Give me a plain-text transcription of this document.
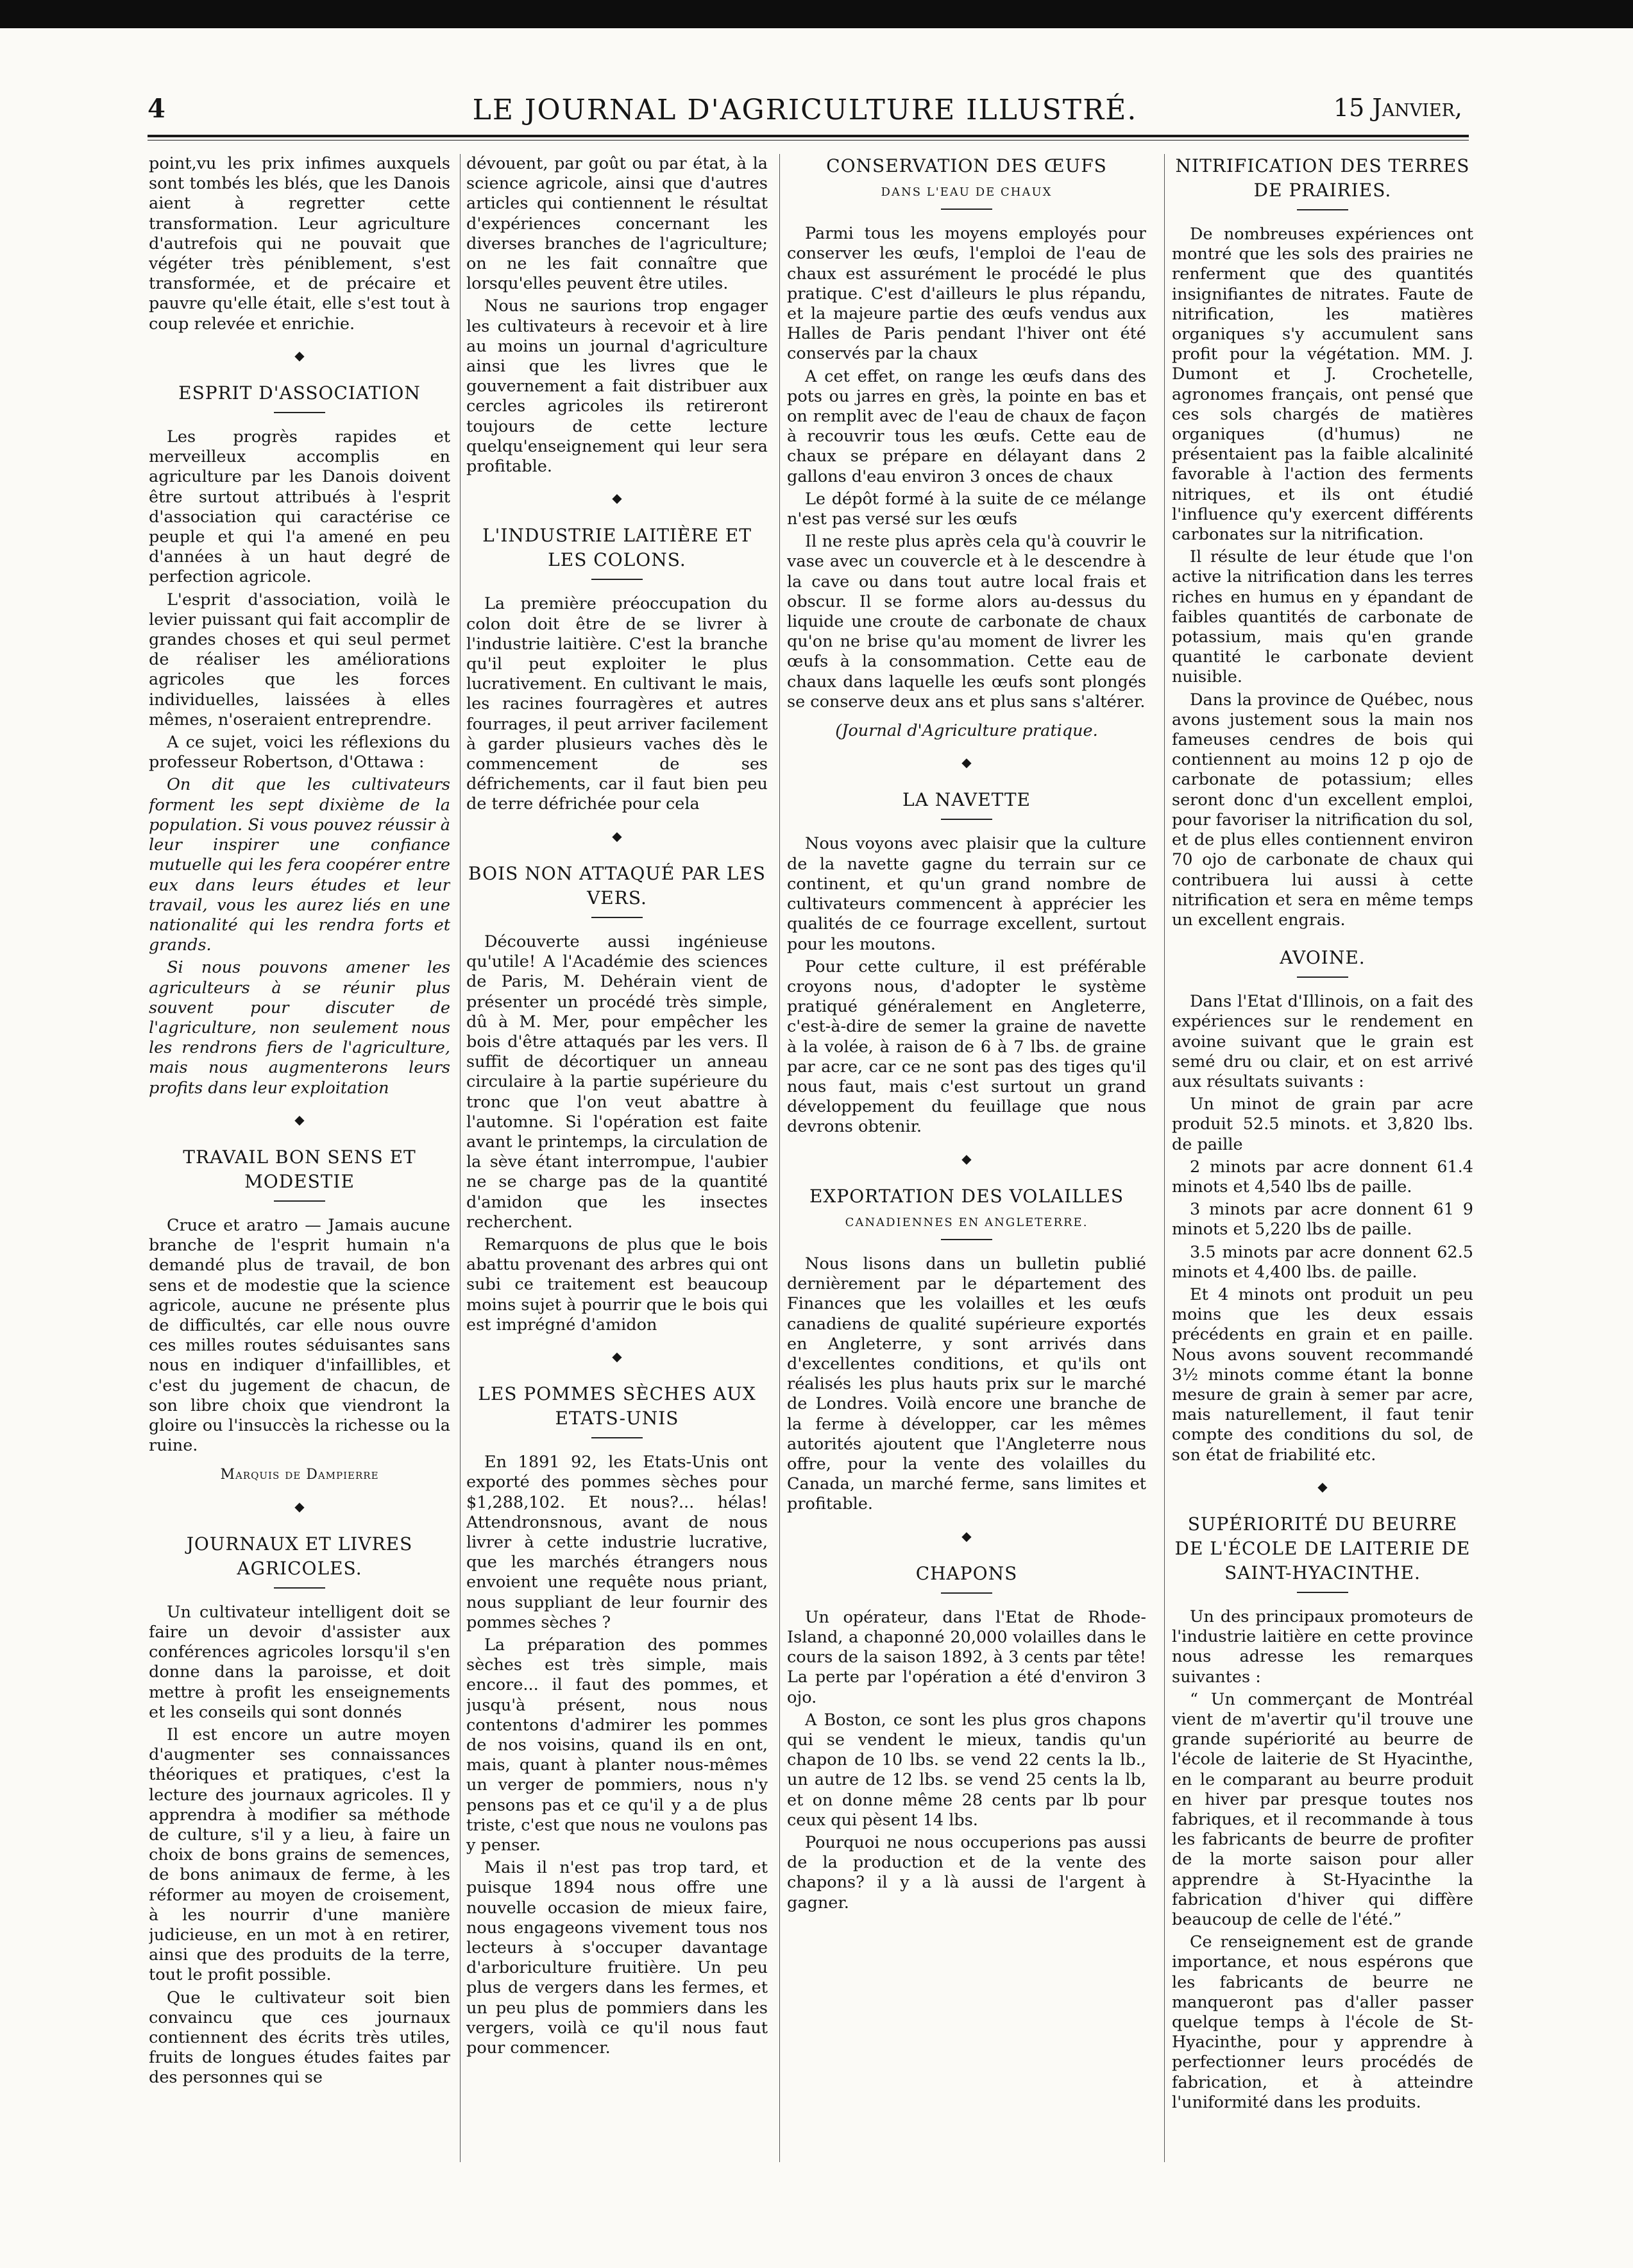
4	LE JOURNAL D'AGRICULTURE ILLUSTRÉ.	15 Janvier,

point,vu les prix infimes auxquels sont tombés les blés, que les Danois aient à regretter cette transformation. Leur agriculture d'autrefois qui ne pouvait que végéter très péniblement, s'est transformée, et de précaire et pauvre qu'elle était, elle s'est tout à coup relevée et enrichie.

◆
ESPRIT D'ASSOCIATION

Les progrès rapides et merveilleux accomplis en agriculture par les Danois doivent être surtout attribués à l'esprit d'association qui caractérise ce peuple et qui l'a amené en peu d'années à un haut degré de perfection agricole.

L'esprit d'association, voilà le levier puissant qui fait accomplir de grandes choses et qui seul permet de réaliser les améliorations agricoles que les forces individuelles, laissées à elles mêmes, n'oseraient entreprendre.

A ce sujet, voici les réflexions du professeur Robertson, d'Ottawa :

On dit que les cultivateurs forment les sept dixième de la population. Si vous pouvez réussir à leur inspirer une confiance mutuelle qui les fera coopérer entre eux dans leurs études et leur travail, vous les aurez liés en une nationalité qui les rendra forts et grands.

Si nous pouvons amener les agriculteurs à se réunir plus souvent pour discuter de l'agriculture, non seulement nous les rendrons fiers de l'agriculture, mais nous augmenterons leurs profits dans leur exploitation

◆
TRAVAIL BON SENS ET MODESTIE

Cruce et aratro — Jamais aucune branche de l'esprit humain n'a demandé plus de travail, de bon sens et de modestie que la science agricole, aucune ne présente plus de difficultés, car elle nous ouvre ces milles routes séduisantes sans nous en indiquer d'infaillibles, et c'est du jugement de chacun, de son libre choix que viendront la gloire ou l'insuccès la richesse ou la ruine.

Marquis de Dampierre
◆
JOURNAUX ET LIVRES AGRICOLES.

Un cultivateur intelligent doit se faire un devoir d'assister aux conférences agricoles lorsqu'il s'en donne dans la paroisse, et doit mettre à profit les enseignements et les conseils qui sont donnés

Il est encore un autre moyen d'augmenter ses connaissances théoriques et pratiques, c'est la lecture des journaux agricoles. Il y apprendra à modifier sa méthode de culture, s'il y a lieu, à faire un choix de bons grains de semences, de bons animaux de ferme, à les réformer au moyen de croisement, à les nourrir d'une manière judicieuse, en un mot à en retirer, ainsi que des produits de la terre, tout le profit possible.

Que le cultivateur soit bien convaincu que ces journaux contiennent des écrits très utiles, fruits de longues études faites par des personnes qui se

dévouent, par goût ou par état, à la science agricole, ainsi que d'autres articles qui contiennent le résultat d'expériences concernant les diverses branches de l'agriculture; on ne les fait connaître que lorsqu'elles peuvent être utiles.

Nous ne saurions trop engager les cultivateurs à recevoir et à lire au moins un journal d'agriculture ainsi que les livres que le gouvernement a fait distribuer aux cercles agricoles ils retireront toujours de cette lecture quelqu'enseignement qui leur sera profitable.

◆
L'INDUSTRIE LAITIÈRE ET LES COLONS.

La première préoccupation du colon doit être de se livrer à l'industrie laitière. C'est la branche qu'il peut exploiter le plus lucrativement. En cultivant le mais, les racines fourragères et autres fourrages, il peut arriver facilement à garder plusieurs vaches dès le commencement de ses défrichements, car il faut bien peu de terre défrichée pour cela

◆
BOIS NON ATTAQUÉ PAR LES VERS.

Découverte aussi ingénieuse qu'utile! A l'Académie des sciences de Paris, M. Dehérain vient de présenter un procédé très simple, dû à M. Mer, pour empêcher les bois d'être attaqués par les vers. Il suffit de décortiquer un anneau circulaire à la partie supérieure du tronc que l'on veut abattre à l'automne. Si l'opération est faite avant le printemps, la circulation de la sève étant interrompue, l'aubier ne se charge pas de la quantité d'amidon que les insectes recherchent.

Remarquons de plus que le bois abattu provenant des arbres qui ont subi ce traitement est beaucoup moins sujet à pourrir que le bois qui est imprégné d'amidon

◆
LES POMMES SÈCHES AUX ETATS-UNIS

En 1891 92, les Etats-Unis ont exporté des pommes sèches pour $1,288,102. Et nous?... hélas! Attendronsnous, avant de nous livrer à cette industrie lucrative, que les marchés étrangers nous envoient une requête nous priant, nous suppliant de leur fournir des pommes sèches ?

La préparation des pommes sèches est très simple, mais encore... il faut des pommes, et jusqu'à présent, nous nous contentons d'admirer les pommes de nos voisins, quand ils en ont, mais, quant à planter nous-mêmes un verger de pommiers, nous n'y pensons pas et ce qu'il y a de plus triste, c'est que nous ne voulons pas y penser.

Mais il n'est pas trop tard, et puisque 1894 nous offre une nouvelle occasion de mieux faire, nous engageons vivement tous nos lecteurs à s'occuper davantage d'arboriculture fruitière. Un peu plus de vergers dans les fermes, et un peu plus de pommiers dans les vergers, voilà ce qu'il nous faut pour commencer.

CONSERVATION DES ŒUFS
DANS L'EAU DE CHAUX

Parmi tous les moyens employés pour conserver les œufs, l'emploi de l'eau de chaux est assurément le procédé le plus pratique. C'est d'ailleurs le plus répandu, et la majeure partie des œufs vendus aux Halles de Paris pendant l'hiver ont été conservés par la chaux

A cet effet, on range les œufs dans des pots ou jarres en grès, la pointe en bas et on remplit avec de l'eau de chaux de façon à recouvrir tous les œufs. Cette eau de chaux se prépare en délayant dans 2 gallons d'eau environ 3 onces de chaux

Le dépôt formé à la suite de ce mélange n'est pas versé sur les œufs

Il ne reste plus après cela qu'à couvrir le vase avec un couvercle et à le descendre à la cave ou dans tout autre local frais et obscur. Il se forme alors au-dessus du liquide une croute de carbonate de chaux qu'on ne brise qu'au moment de livrer les œufs à la consommation. Cette eau de chaux dans laquelle les œufs sont plongés se conserve deux ans et plus sans s'altérer.

(Journal d'Agriculture pratique.
◆
LA NAVETTE

Nous voyons avec plaisir que la culture de la navette gagne du terrain sur ce continent, et qu'un grand nombre de cultivateurs commencent à apprécier les qualités de ce fourrage excellent, surtout pour les moutons.

Pour cette culture, il est préférable croyons nous, d'adopter le système pratiqué généralement en Angleterre, c'est-à-dire de semer la graine de navette à la volée, à raison de 6 à 7 lbs. de graine par acre, car ce ne sont pas des tiges qu'il nous faut, mais c'est surtout un grand développement du feuillage que nous devrons obtenir.

◆
EXPORTATION DES VOLAILLES
CANADIENNES EN ANGLETERRE.

Nous lisons dans un bulletin publié dernièrement par le département des Finances que les volailles et les œufs canadiens de qualité supérieure exportés en Angleterre, y sont arrivés dans d'excellentes conditions, et qu'ils ont réalisés les plus hauts prix sur le marché de Londres. Voilà encore une branche de la ferme à développer, car les mêmes autorités ajoutent que l'Angleterre nous offre, pour la vente des volailles du Canada, un marché ferme, sans limites et profitable.

◆
CHAPONS

Un opérateur, dans l'Etat de Rhode-Island, a chaponné 20,000 volailles dans le cours de la saison 1892, à 3 cents par tête! La perte par l'opération a été d'environ 3 ojo.

A Boston, ce sont les plus gros chapons qui se vendent le mieux, tandis qu'un chapon de 10 lbs. se vend 22 cents la lb., un autre de 12 lbs. se vend 25 cents la lb, et on donne même 28 cents par lb pour ceux qui pèsent 14 lbs.

Pourquoi ne nous occuperions pas aussi de la production et de la vente des chapons? il y a là aussi de l'argent à gagner.

NITRIFICATION DES TERRES DE PRAIRIES.

De nombreuses expériences ont montré que les sols des prairies ne renferment que des quantités insignifiantes de nitrates. Faute de nitrification, les matières organiques s'y accumulent sans profit pour la végétation. MM. J. Dumont et J. Crochetelle, agronomes français, ont pensé que ces sols chargés de matières organiques (d'humus) ne présentaient pas la faible alcalinité favorable à l'action des ferments nitriques, et ils ont étudié l'influence qu'y exercent différents carbonates sur la nitrification.

Il résulte de leur étude que l'on active la nitrification dans les terres riches en humus en y épandant de faibles quantités de carbonate de potassium, mais qu'en grande quantité le carbonate devient nuisible.

Dans la province de Québec, nous avons justement sous la main nos fameuses cendres de bois qui contiennent au moins 12 p ojo de carbonate de potassium; elles seront donc d'un excellent emploi, pour favoriser la nitrification du sol, et de plus elles contiennent environ 70 ojo de carbonate de chaux qui contribuera lui aussi à cette nitrification et sera en même temps un excellent engrais.

AVOINE.

Dans l'Etat d'Illinois, on a fait des expériences sur le rendement en avoine suivant que le grain est semé dru ou clair, et on est arrivé aux résultats suivants :

Un minot de grain par acre produit 52.5 minots. et 3,820 lbs. de paille

2 minots par acre donnent 61.4 minots et 4,540 lbs de paille.

3 minots par acre donnent 61 9 minots et 5,220 lbs de paille.

3.5 minots par acre donnent 62.5 minots et 4,400 lbs. de paille.

Et 4 minots ont produit un peu moins que les deux essais précédents en grain et en paille. Nous avons souvent recommandé 3½ minots comme étant la bonne mesure de grain à semer par acre, mais naturellement, il faut tenir compte des conditions du sol, de son état de friabilité etc.

◆
SUPÉRIORITÉ DU BEURRE DE L'ÉCOLE DE LAITERIE DE SAINT-HYACINTHE.

Un des principaux promoteurs de l'industrie laitière en cette province nous adresse les remarques suivantes :

“ Un commerçant de Montréal vient de m'avertir qu'il trouve une grande supériorité au beurre de l'école de laiterie de St Hyacinthe, en le comparant au beurre produit en hiver par presque toutes nos fabriques, et il recommande à tous les fabricants de beurre de profiter de la morte saison pour aller apprendre à St-Hyacinthe la fabrication d'hiver qui diffère beaucoup de celle de l'été.”

Ce renseignement est de grande importance, et nous espérons que les fabricants de beurre ne manqueront pas d'aller passer quelque temps à l'école de St-Hyacinthe, pour y apprendre à perfectionner leurs procédés de fabrication, et à atteindre l'uniformité dans les produits.
